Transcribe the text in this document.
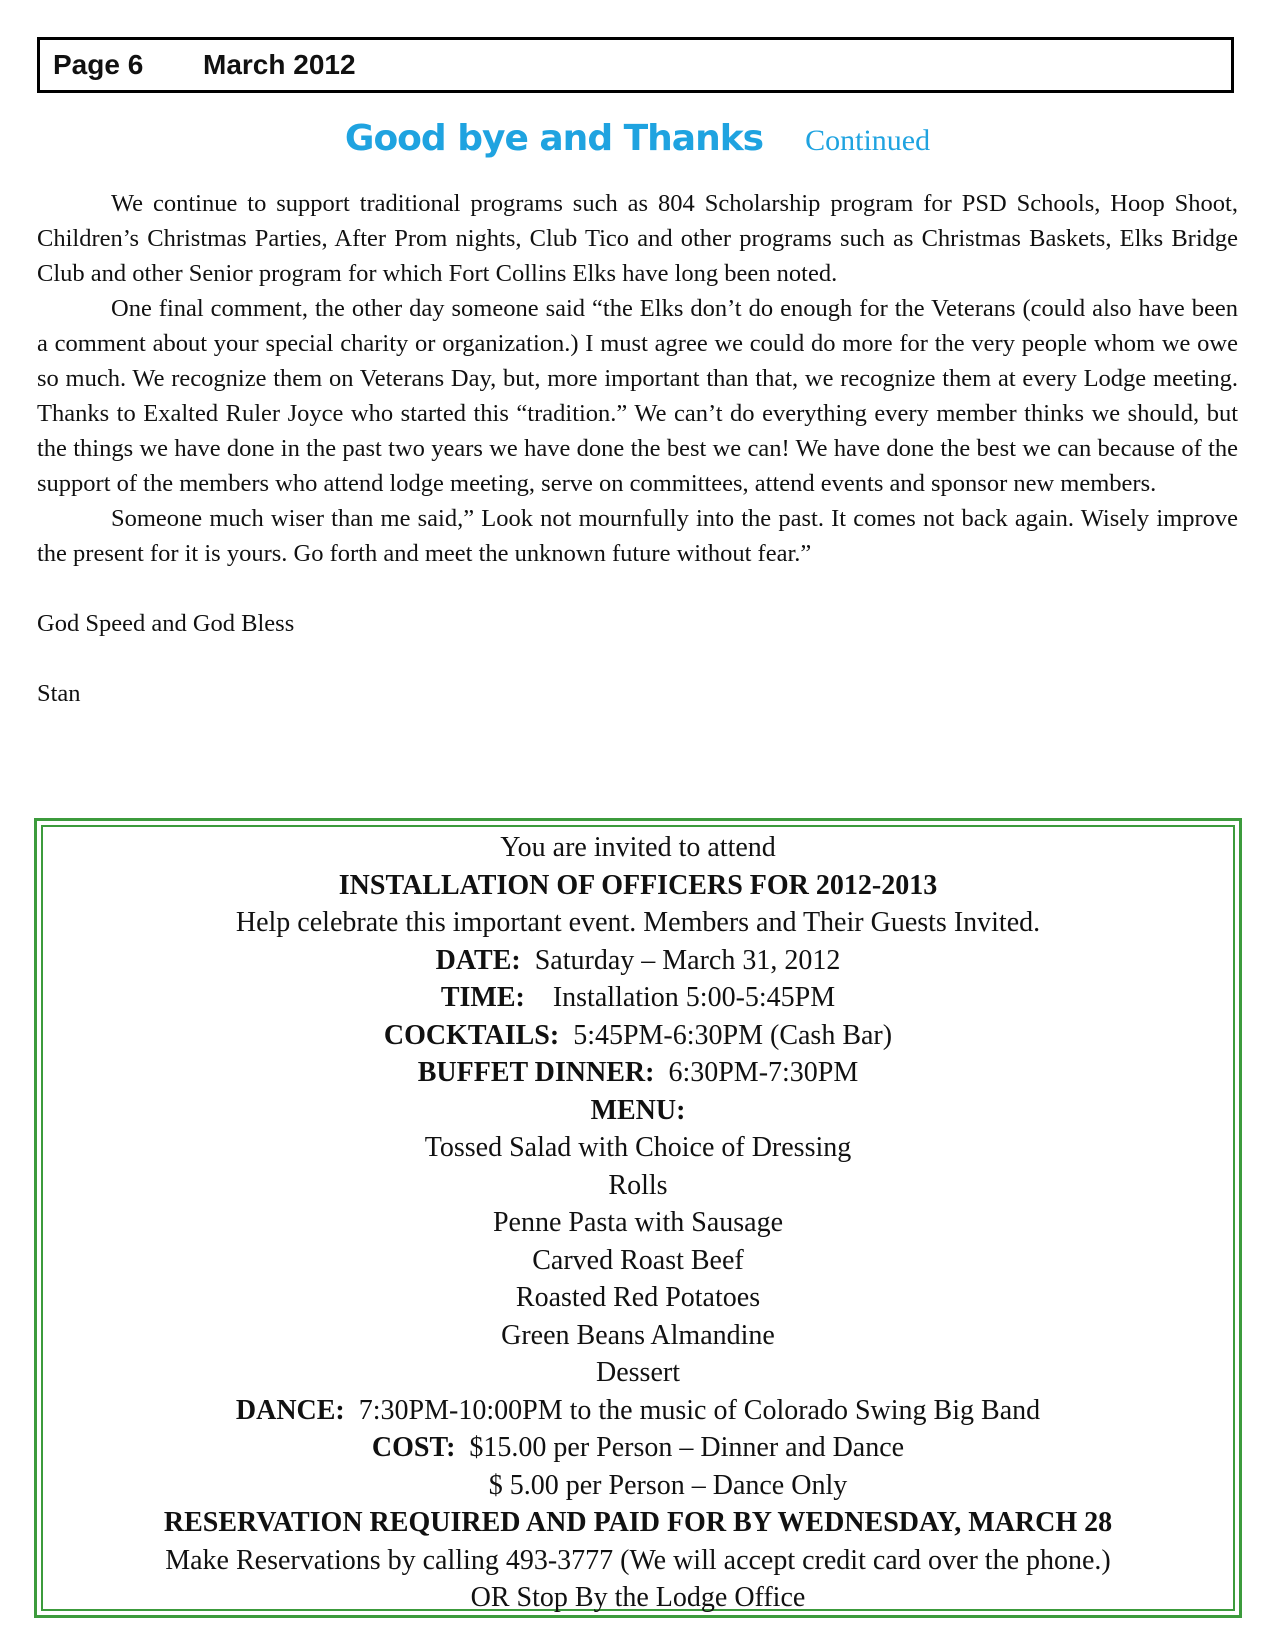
Page 6	March 2012
Good bye and Thanks Continued

We continue to support traditional programs such as 804 Scholarship program for PSD Schools, Hoop Shoot, Children’s Christmas Parties, After Prom nights, Club Tico and other programs such as Christmas Baskets, Elks Bridge Club and other Senior program for which Fort Collins Elks have long been noted.

One final comment, the other day someone said “the Elks don’t do enough for the Veterans (could also have been a comment about your special charity or organization.) I must agree we could do more for the very people whom we owe so much. We recognize them on Veterans Day, but, more important than that, we recognize them at every Lodge meeting. Thanks to Exalted Ruler Joyce who started this “tradition.” We can’t do everything every member thinks we should, but the things we have done in the past two years we have done the best we can! We have done the best we can because of the support of the members who attend lodge meeting, serve on committees, attend events and sponsor new members.

Someone much wiser than me said,” Look not mournfully into the past. It comes not back again. Wisely improve the present for it is yours. Go forth and meet the unknown future without fear.”

God Speed and God Bless

Stan

You are invited to attend
INSTALLATION OF OFFICERS FOR 2012-2013
Help celebrate this important event. Members and Their Guests Invited.
DATE: Saturday – March 31, 2012
TIME: Installation 5:00-5:45PM
COCKTAILS: 5:45PM-6:30PM (Cash Bar)
BUFFET DINNER: 6:30PM-7:30PM
MENU:
Tossed Salad with Choice of Dressing
Rolls
Penne Pasta with Sausage
Carved Roast Beef
Roasted Red Potatoes
Green Beans Almandine
Dessert
DANCE: 7:30PM-10:00PM to the music of Colorado Swing Big Band
COST: $15.00 per Person – Dinner and Dance
$ 5.00 per Person – Dance Only
RESERVATION REQUIRED AND PAID FOR BY WEDNESDAY, MARCH 28
Make Reservations by calling 493-3777 (We will accept credit card over the phone.)
OR Stop By the Lodge Office
